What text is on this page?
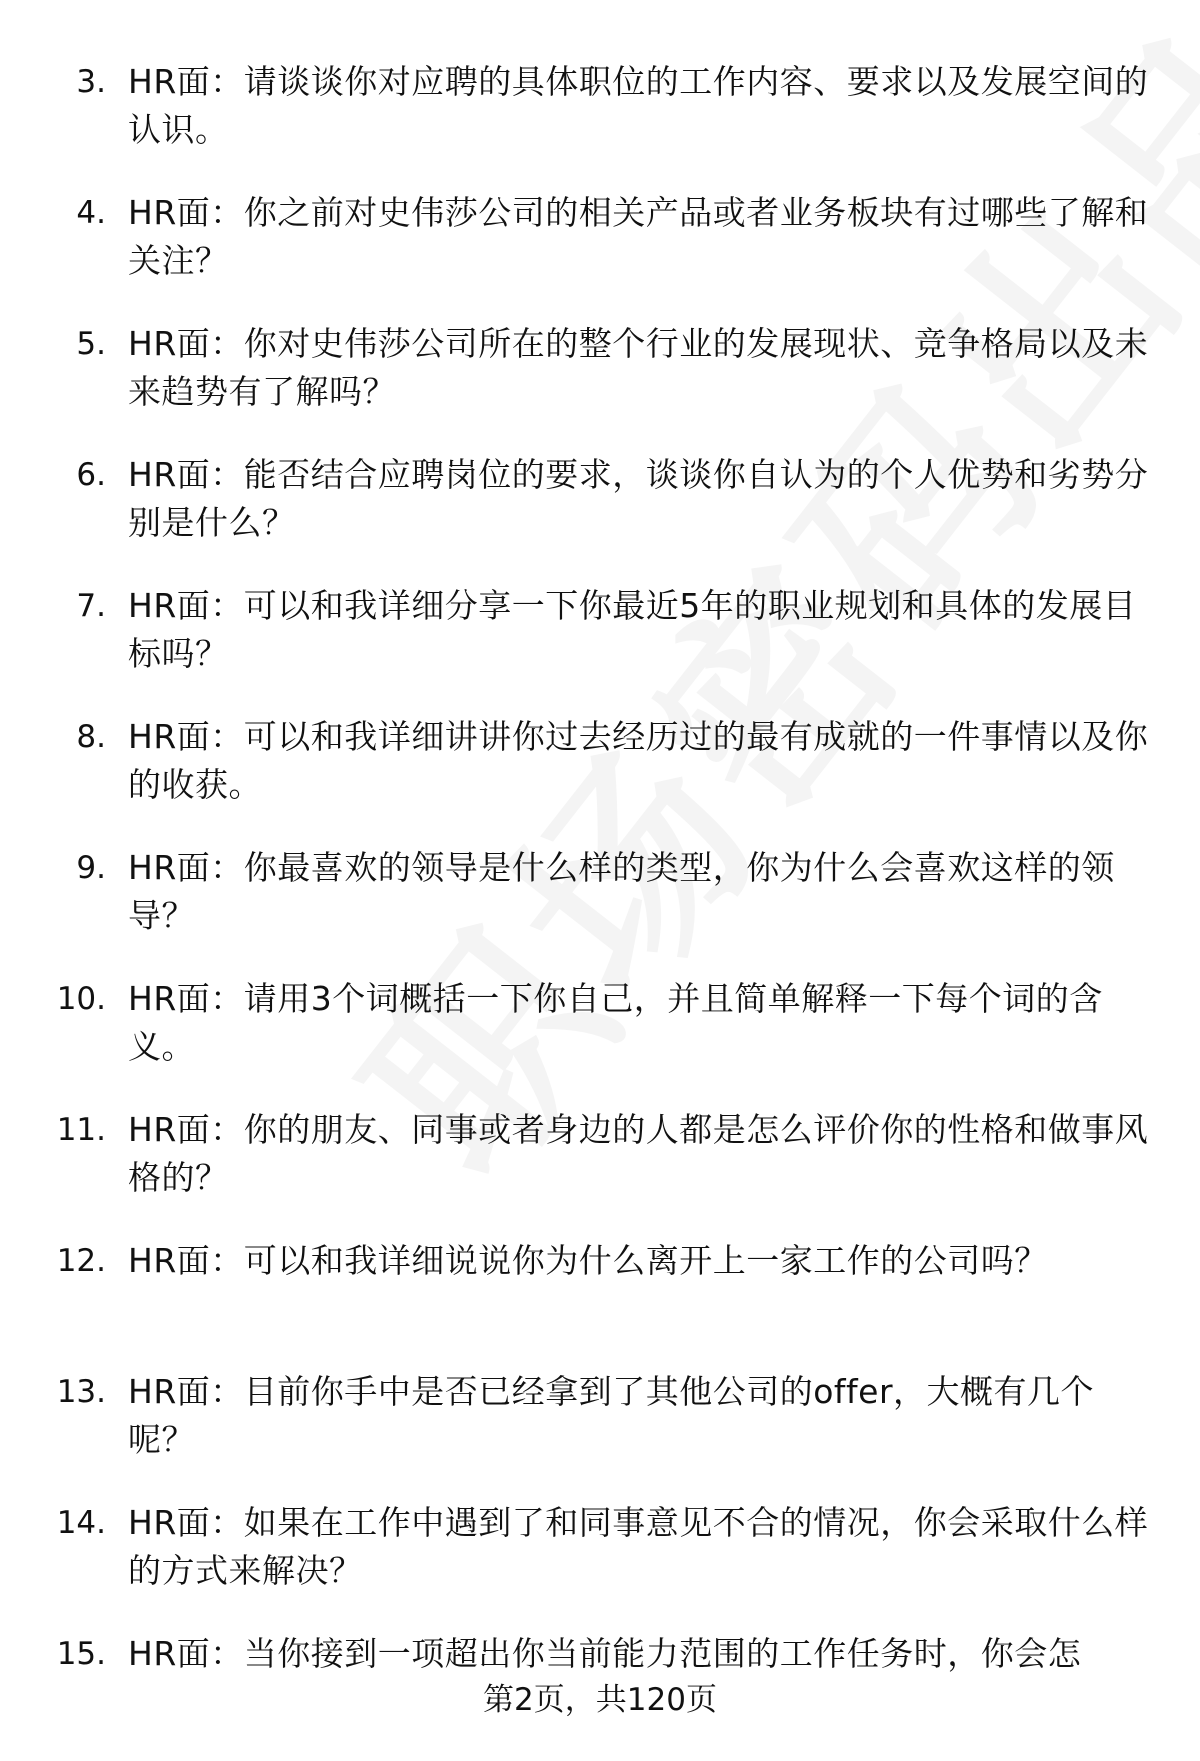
3. HR面：请谈谈你对应聘的具体职位的工作内容、要求以及发展空间的认识。
4. HR面：你之前对史伟莎公司的相关产品或者业务板块有过哪些了解和关注？
5. HR面：你对史伟莎公司所在的整个行业的发展现状、竞争格局以及未来趋势有了解吗？
6. HR面：能否结合应聘岗位的要求，谈谈你自认为的个人优势和劣势分别是什么？
7. HR面：可以和我详细分享一下你最近5年的职业规划和具体的发展目标吗？
8. HR面：可以和我详细讲讲你过去经历过的最有成就的一件事情以及你的收获。
9. HR面：你最喜欢的领导是什么样的类型，你为什么会喜欢这样的领导？
10. HR面：请用3个词概括一下你自己，并且简单解释一下每个词的含义。
11. HR面：你的朋友、同事或者身边的人都是怎么评价你的性格和做事风格的？
12. HR面：可以和我详细说说你为什么离开上一家工作的公司吗？
13. HR面：目前你手中是否已经拿到了其他公司的offer，大概有几个呢？
14. HR面：如果在工作中遇到了和同事意见不合的情况，你会采取什么样的方式来解决？
15. HR面：当你接到一项超出你当前能力范围的工作任务时，你会怎
第2页，共120页
